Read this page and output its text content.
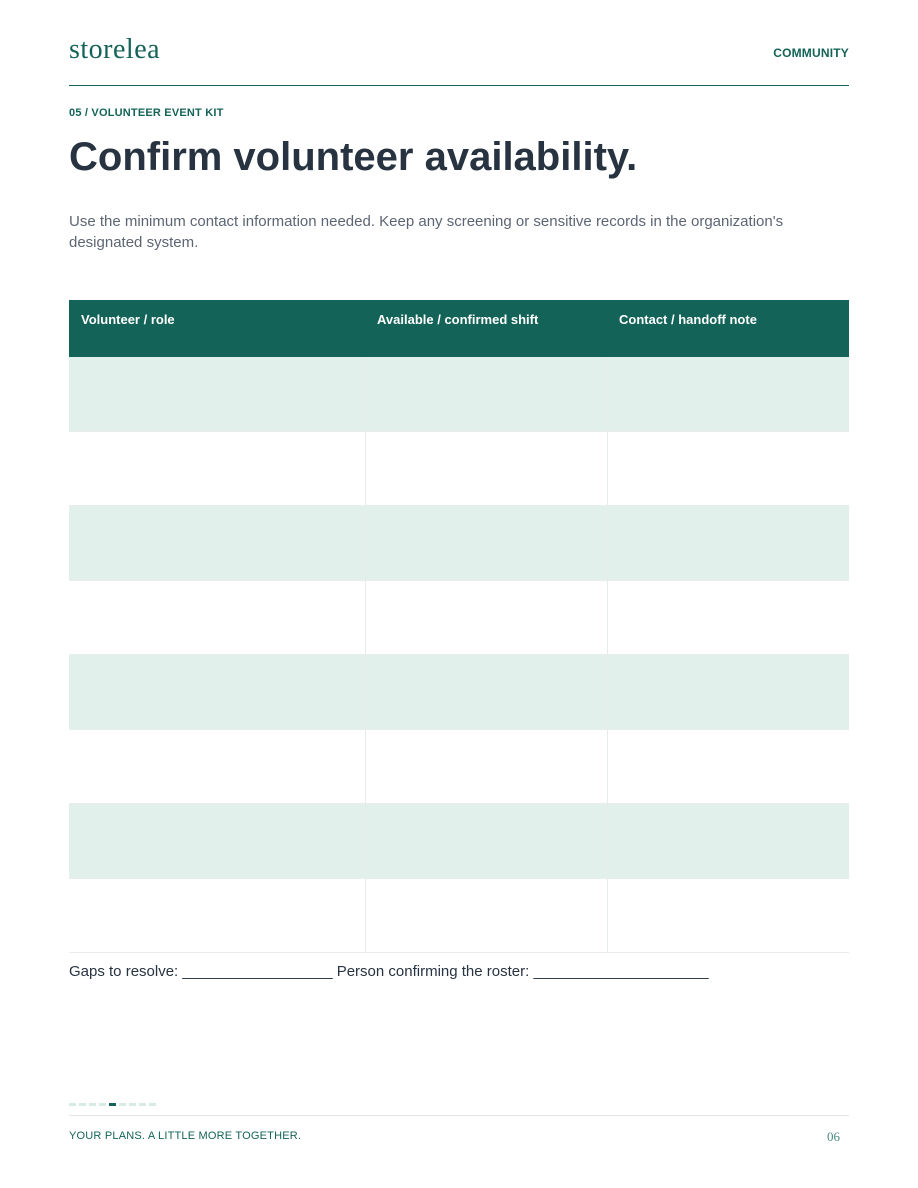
storelea	COMMUNITY
05 / VOLUNTEER EVENT KIT
Confirm volunteer availability.

Use the minimum contact information needed. Keep any screening or sensitive records in the organization's designated system.

Volunteer / role	Available / confirmed shift	Contact / handoff note

Gaps to resolve: __________________ Person confirming the roster: _____________________
YOUR PLANS. A LITTLE MORE TOGETHER.	06
